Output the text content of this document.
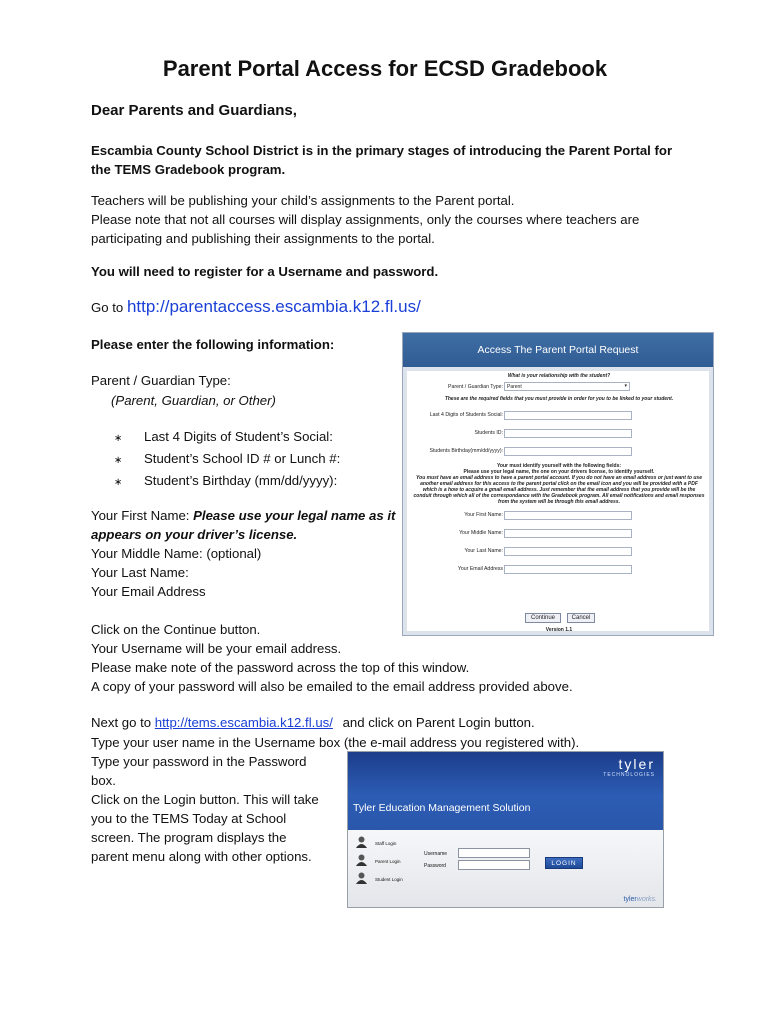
Parent Portal Access for ECSD Gradebook
Dear Parents and Guardians,
Escambia County School District is in the primary stages of introducing the Parent Portal for
the TEMS Gradebook program.
Teachers will be publishing your child’s assignments to the Parent portal.
Please note that not all courses will display assignments, only the courses where teachers are
participating and publishing their assignments to the portal.
You will need to register for a Username and password.
Go to http://parentaccess.escambia.k12.fl.us/
Please enter the following information:
Parent / Guardian Type:
(Parent, Guardian, or Other)
∗	Last 4 Digits of Student’s Social:
∗	Student’s School ID # or Lunch #:
∗	Student’s Birthday (mm/dd/yyyy):
Your First Name: Please use your legal name as it
appears on your driver’s license.
Your Middle Name: (optional)
Your Last Name:
Your Email Address
Access The Parent Portal Request
What is your relationship with the student?
Parent / Guardian Type: Parent	▾
These are the required fields that you must provide in order for you to be linked to your student.
Last 4 Digits of Students Social:
Students ID:
Students Birthday(mm/dd/yyyy):
Your must identify yourself with the following fields:
Please use your legal name, the one on your drivers license, to identify yourself.
You must have an email address to have a parent portal account. If you do not have an email address or just want to use
another email address for this access to the parent portal click on the email icon and you will be provided with a PDF
which is a how to acquire a gmail email address. Just remember that the email address that you provide will be the
conduit through which all of the correspondance with the Gradebook program. All email notifications and email responses
from the system will be through this email address.
Your First Name:
Your Middle Name:
Your Last Name:
Your Email Address
Continue	Cancel
Version 1.1
Click on the Continue button.
Your Username will be your email address.
Please make note of the password across the top of this window.
A copy of your password will also be emailed to the email address provided above.
Next go to http://tems.escambia.k12.fl.us/ and click on Parent Login button.
Type your user name in the Username box (the e-mail address you registered with).
Type your password in the Password
box.
Click on the Login button. This will take
you to the TEMS Today at School
screen. The program displays the
parent menu along with other options.
tyler
TECHNOLOGIES
Tyler Education Management Solution
Staff Login
Parent Login
Student Login
Username
Password	LOGIN
tylerworks.
